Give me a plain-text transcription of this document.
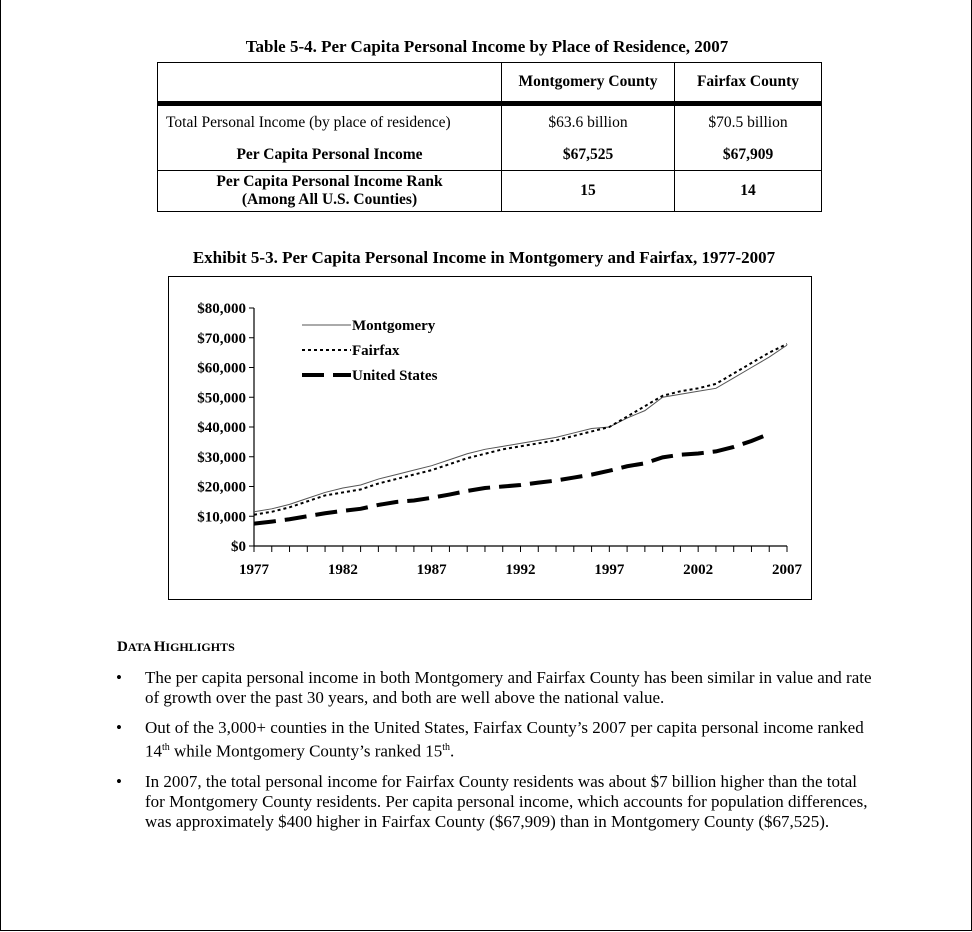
Table 5-4. Per Capita Personal Income by Place of Residence, 2007
	Montgomery County	Fairfax County
Total Personal Income (by place of residence)	$63.6 billion	$70.5 billion
Per Capita Personal Income	$67,525	$67,909
Per Capita Personal Income Rank
(Among All U.S. Counties)	15	14
Exhibit 5-3. Per Capita Personal Income in Montgomery and Fairfax, 1977-2007
$0
$10,000
$20,000
$30,000
$40,000
$50,000
$60,000
$70,000
$80,000
1977	1982	1987	1992	1997	2002	2007
Montgomery
Fairfax
United States
DATA HIGHLIGHTS
• The per capita personal income in both Montgomery and Fairfax County has been similar in value and rate of growth over the past 30 years, and both are well above the national value.
• Out of the 3,000+ counties in the United States, Fairfax County’s 2007 per capita personal income ranked 14th while Montgomery County’s ranked 15th.
• In 2007, the total personal income for Fairfax County residents was about $7 billion higher than the total for Montgomery County residents. Per capita personal income, which accounts for population differences, was approximately $400 higher in Fairfax County ($67,909) than in Montgomery County ($67,525).
